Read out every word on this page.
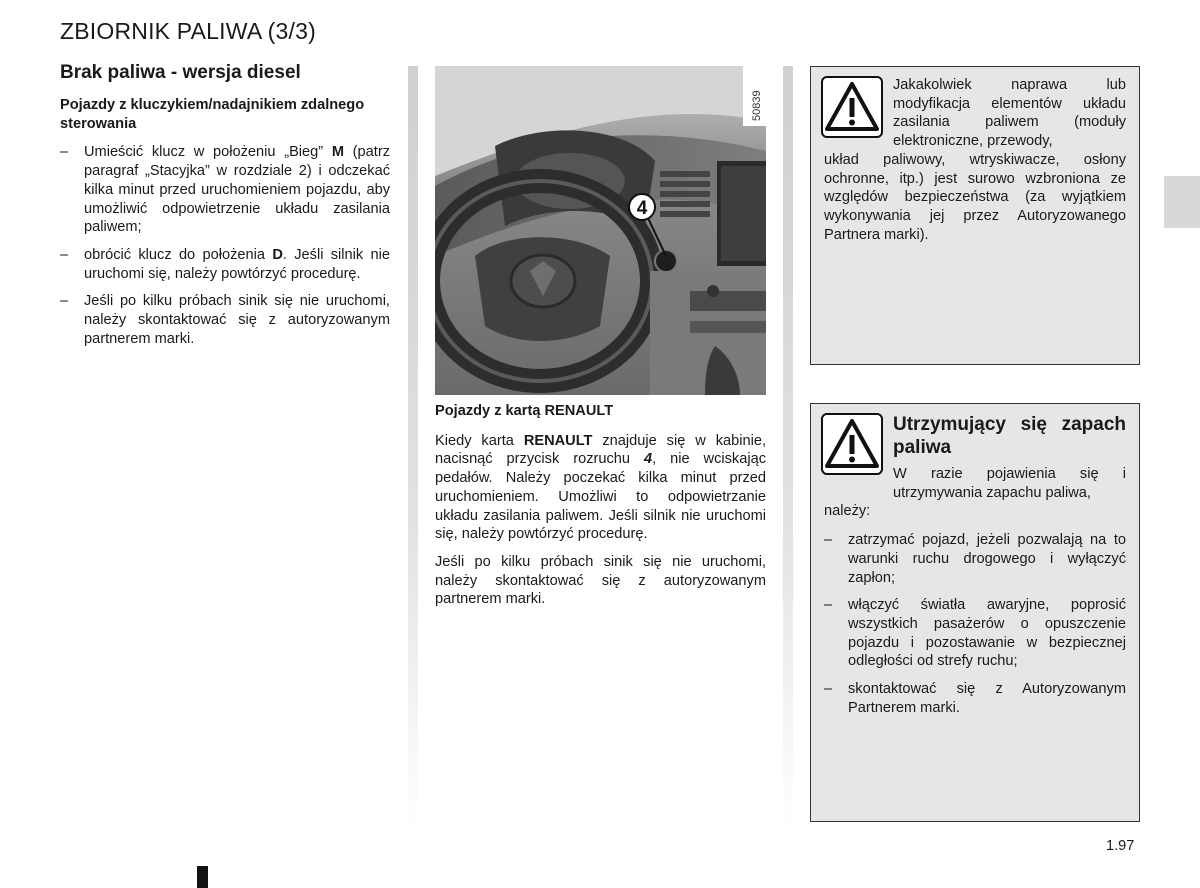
ZBIORNIK PALIWA (3/3)
Brak paliwa - wersja diesel

Pojazdy z kluczykiem/nadajnikiem zdalnego sterowania

– Umieścić klucz w położeniu „Bieg” M (patrz paragraf „Stacyjka” w rozdziale 2) i odczekać kilka minut przed uruchomieniem pojazdu, aby umożliwić odpowietrzenie układu zasilania paliwem;
– obrócić klucz do położenia D. Jeśli silnik nie uruchomi się, należy powtórzyć procedurę.
– Jeśli po kilku próbach sinik się nie uruchomi, należy skontaktować się z autoryzowanym partnerem marki.
4
50839

Pojazdy z kartą RENAULT

Kiedy karta RENAULT znajduje się w kabinie, nacisnąć przycisk rozruchu 4, nie wciskając pedałów. Należy poczekać kilka minut przed uruchomieniem. Umożliwi to odpowietrzanie układu zasilania paliwem. Jeśli silnik nie uruchomi się, należy powtórzyć procedurę.

Jeśli po kilku próbach sinik się nie uruchomi, należy skontaktować się z autoryzowanym partnerem marki.

Jakakolwiek naprawa lub modyfikacja elementów układu zasilania paliwem (moduły elektroniczne, przewody,

układ paliwowy, wtryskiwacze, osłony ochronne, itp.) jest surowo wzbroniona ze względów bezpieczeństwa (za wyjątkiem wykonywania jej przez Autoryzowanego Partnera marki).

Utrzymujący się zapach paliwa

W razie pojawienia się i utrzymywania zapachu paliwa,

należy:

– zatrzymać pojazd, jeżeli pozwalają na to warunki ruchu drogowego i wyłączyć zapłon;
– włączyć światła awaryjne, poprosić wszystkich pasażerów o opuszczenie pojazdu i pozostawanie w bezpiecznej odległości od strefy ruchu;
– skontaktować się z Autoryzowanym Partnerem marki.
1.97
